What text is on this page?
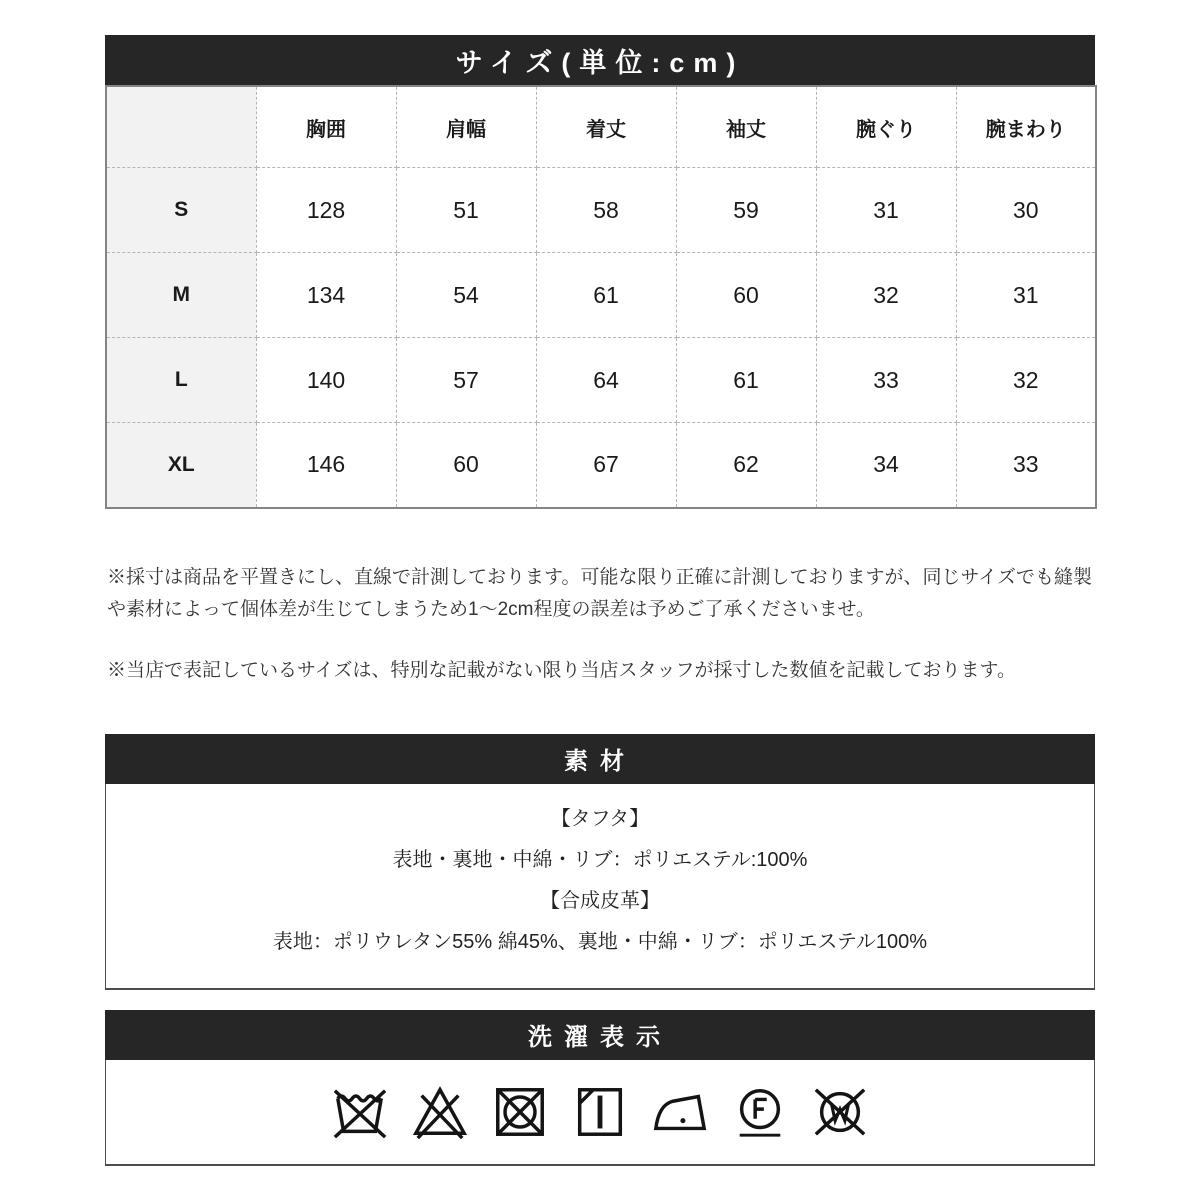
サイズ(単位:cm)
	胸囲	肩幅	着丈	袖丈	腕ぐり	腕まわり
S	128	51	58	59	31	30
M	134	54	61	60	32	31
L	140	57	64	61	33	32
XL	146	60	67	62	34	33

※採寸は商品を平置きにし、直線で計測しております。可能な限り正確に計測しておりますが、同じサイズでも縫製や素材によって個体差が生じてしまうため1〜2cm程度の誤差は予めご了承くださいませ。

※当店で表記しているサイズは、特別な記載がない限り当店スタッフが採寸した数値を記載しております。

素材

【タフタ】

表地・裏地・中綿・リブ：ポリエステル:100%

【合成皮革】

表地：ポリウレタン55% 綿45%、裏地・中綿・リブ：ポリエステル100%

洗濯表示
